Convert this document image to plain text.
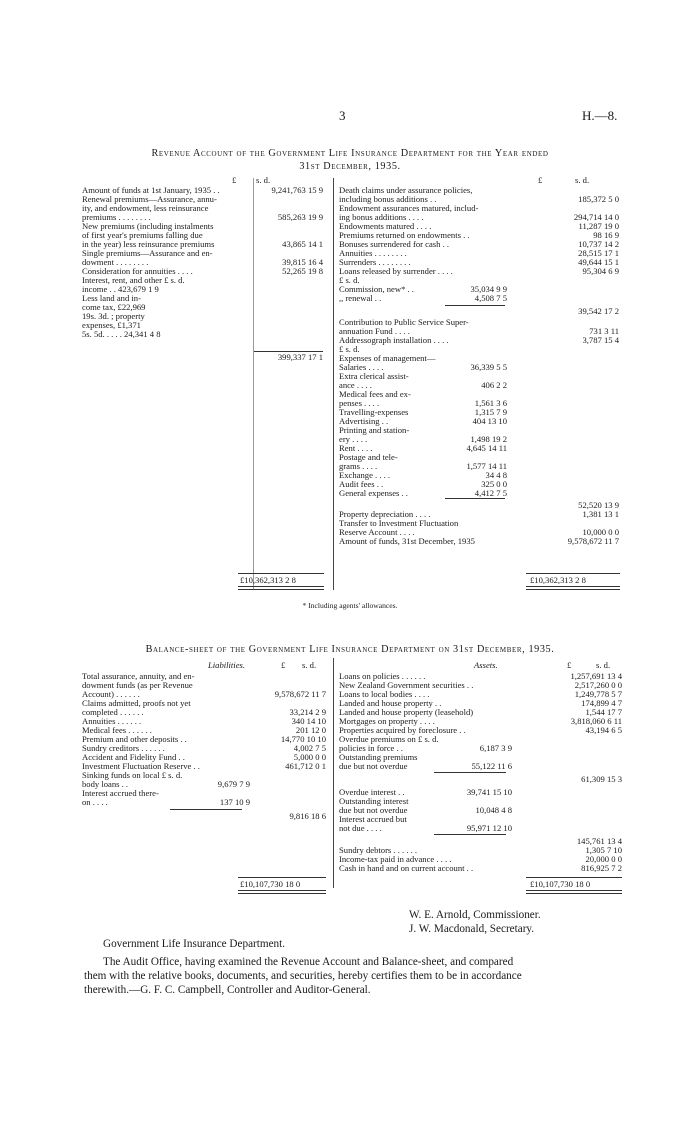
3	H.—8.
Revenue Account of the Government Life Insurance Department for the Year ended
31st December, 1935.
£ s. d.	£	s. d.
Amount of funds at 1st January, 1935 . .	9,241,763 15 9
Renewal premiums—Assurance, annu-
ity, and endowment, less reinsurance
premiums . . . . . . . .	585,263 19 9
New premiums (including instalments
of first year's premiums falling due
in the year) less reinsurance premiums	43,865 14 1
Single premiums—Assurance and en-
dowment . . . . . . . .	39,815 16 4
Consideration for annuities . . . .	52,265 19 8
Interest, rent, and other £ s. d.
income . . 423,679 1 9
Less land and in-
come tax, £22,969
19s. 3d. ; property
expenses, £1,371
5s. 5d. . . . . 24,341 4 8
399,337 17 1
Death claims under assurance policies,
including bonus additions . .	185,372 5 0
Endowment assurances matured, includ-
ing bonus additions . . . .	294,714 14 0
Endowments matured . . . .	11,287 19 0
Premiums returned on endowments . .	98 16 9
Bonuses surrendered for cash . .	10,737 14 2
Annuities . . . . . . . .	28,515 17 1
Surrenders . . . . . . . .	49,644 15 1
Loans released by surrender . . . .	95,304 6 9
£ s. d.
Commission, new* . .	35,034 9 9
,, renewal . .	4,508 7 5
39,542 17 2
Contribution to Public Service Super-
annuation Fund . . . .	731 3 11
Addressograph installation . . . .	3,787 15 4
£ s. d.
Expenses of management—
Salaries . . . .	36,339 5 5
Extra clerical assist-
ance . . . .	406 2 2
Medical fees and ex-
penses . . . .	1,561 3 6
Travelling-expenses	1,315 7 9
Advertising . .	404 13 10
Printing and station-
ery . . . .	1,498 19 2
Rent . . . .	4,645 14 11
Postage and tele-
grams . . . .	1,577 14 11
Exchange . . . .	34 4 8
Audit fees . .	325 0 0
General expenses . .	4,412 7 5
52,520 13 9
Property depreciation . . . .	1,381 13 1
Transfer to Investment Fluctuation
Reserve Account . . . .	10,000 0 0
Amount of funds, 31st December, 1935	9,578,672 11 7
£10,362,313 2 8	£10,362,313 2 8
* Including agents' allowances.
Balance-sheet of the Government Life Insurance Department on 31st December, 1935.
Liabilities.	£ s. d.	Assets.	£	s. d.
Total assurance, annuity, and en-
dowment funds (as per Revenue
Account) . . . . . .	9,578,672 11 7
Claims admitted, proofs not yet
completed . . . . . .	33,214 2 9
Annuities . . . . . .	340 14 10
Medical fees . . . . . .	201 12 0
Premium and other deposits . .	14,770 10 10
Sundry creditors . . . . . .	4,002 7 5
Accident and Fidelity Fund . .	5,000 0 0
Investment Fluctuation Reserve . .	461,712 0 1
Sinking funds on local £ s. d.
body loans . .	9,679 7 9
Interest accrued there-
on . . . .	137 10 9
9,816 18 6
Loans on policies . . . . . .	1,257,691 13 4
New Zealand Government securities . .	2,517,260 0 0
Loans to local bodies . . . .	1,249,778 5 7
Landed and house property . .	174,899 4 7
Landed and house property (leasehold)	1,544 17 7
Mortgages on property . . . .	3,818,060 6 11
Properties acquired by foreclosure . .	43,194 6 5
Overdue premiums on £ s. d.
policies in force . .	6,187 3 9
Outstanding premiums
due but not overdue	55,122 11 6
61,309 15 3
Overdue interest . .	39,741 15 10
Outstanding interest
due but not overdue	10,048 4 8
Interest accrued but
not due . . . .	95,971 12 10
145,761 13 4
Sundry debtors . . . . . .	1,305 7 10
Income-tax paid in advance . . . .	20,000 0 0
Cash in hand and on current account . .	816,925 7 2
£10,107,730 18 0	£10,107,730 18 0
W. E. Arnold, Commissioner.
J. W. Macdonald, Secretary.
Government Life Insurance Department.
The Audit Office, having examined the Revenue Account and Balance-sheet, and compared
them with the relative books, documents, and securities, hereby certifies them to be in accordance
therewith.—G. F. C. Campbell, Controller and Auditor-General.
